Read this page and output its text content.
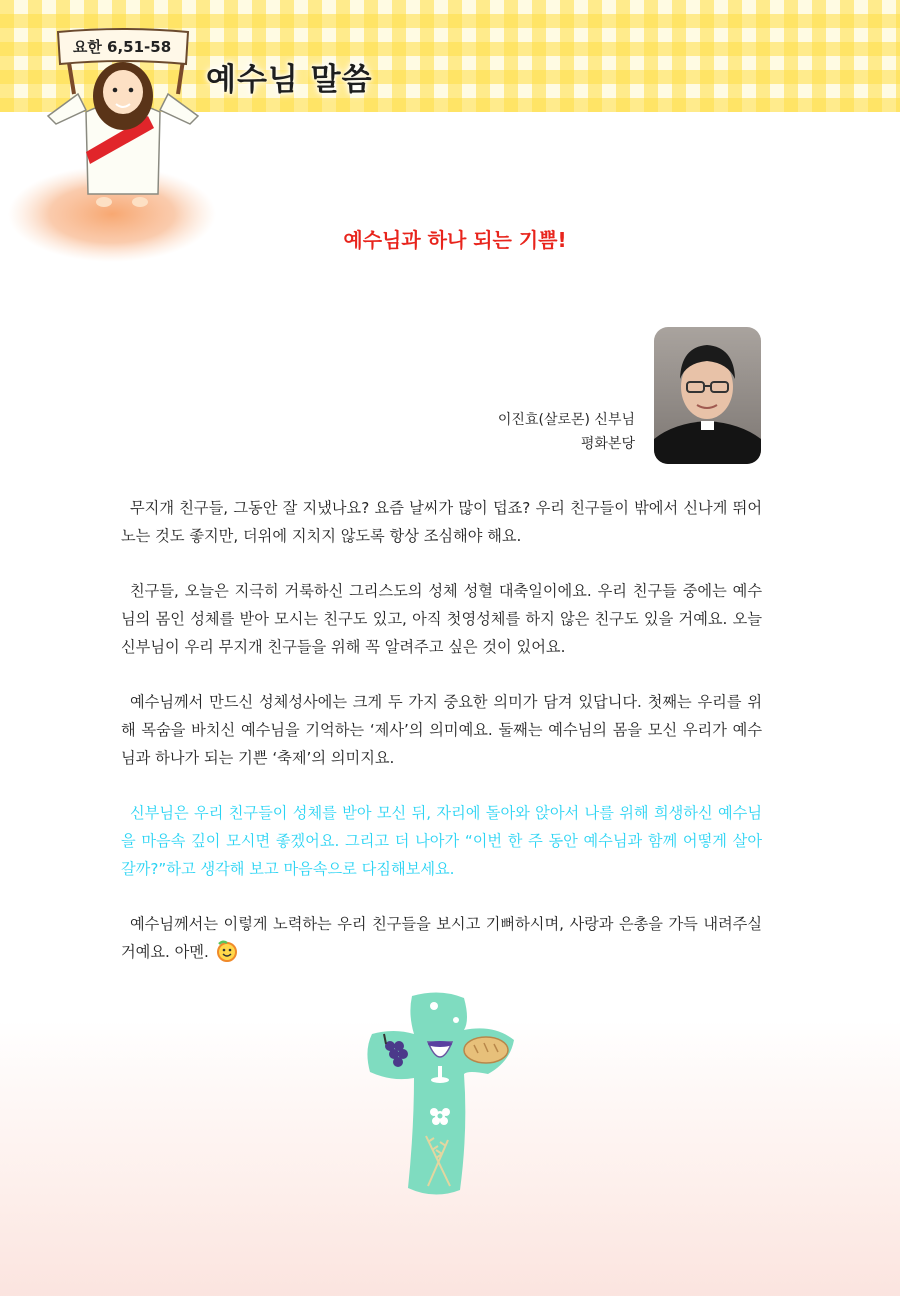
요한 6,51-58
예수님 말씀
예수님과 하나 되는 기쁨!
이진효(살로몬) 신부님
평화본당

무지개 친구들, 그동안 잘 지냈나요? 요즘 날씨가 많이 덥죠? 우리 친구들이 밖에서 신나게 뛰어노는 것도 좋지만, 더위에 지치지 않도록 항상 조심해야 해요.

친구들, 오늘은 지극히 거룩하신 그리스도의 성체 성혈 대축일이에요. 우리 친구들 중에는 예수님의 몸인 성체를 받아 모시는 친구도 있고, 아직 첫영성체를 하지 않은 친구도 있을 거예요. 오늘 신부님이 우리 무지개 친구들을 위해 꼭 알려주고 싶은 것이 있어요.

예수님께서 만드신 성체성사에는 크게 두 가지 중요한 의미가 담겨 있답니다. 첫째는 우리를 위해 목숨을 바치신 예수님을 기억하는 ‘제사’의 의미예요. 둘째는 예수님의 몸을 모신 우리가 예수님과 하나가 되는 기쁜 ‘축제’의 의미지요.

신부님은 우리 친구들이 성체를 받아 모신 뒤, 자리에 돌아와 앉아서 나를 위해 희생하신 예수님을 마음속 깊이 모시면 좋겠어요. 그리고 더 나아가 “이번 한 주 동안 예수님과 함께 어떻게 살아갈까?”하고 생각해 보고 마음속으로 다짐해보세요.

예수님께서는 이렇게 노력하는 우리 친구들을 보시고 기뻐하시며, 사랑과 은총을 가득 내려주실 거예요. 아멘.
